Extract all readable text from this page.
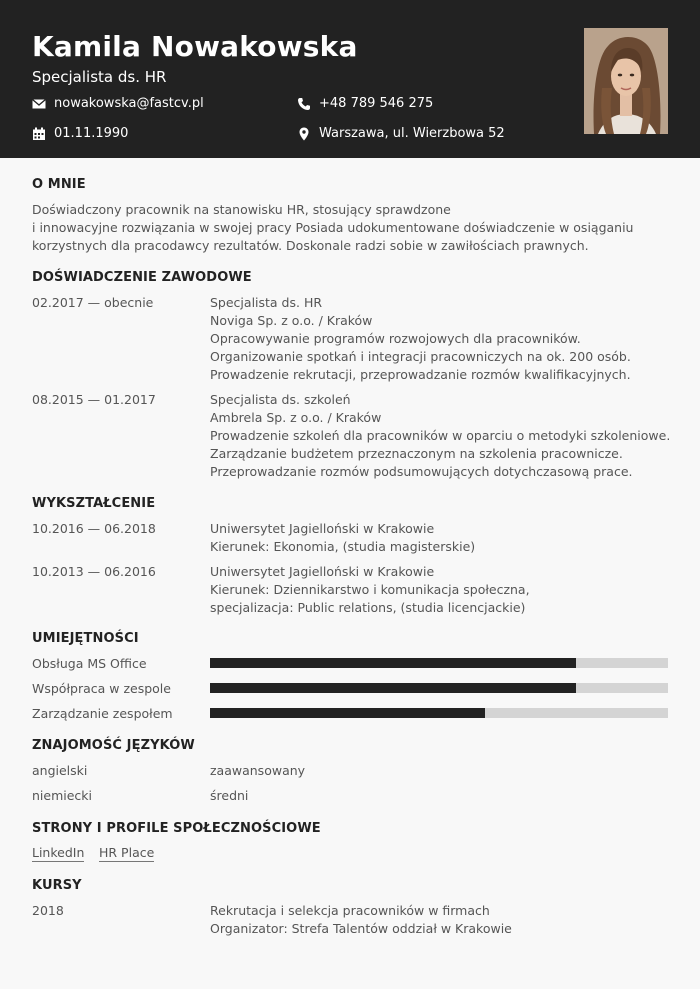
Kamila Nowakowska
Specjalista ds. HR
nowakowska@fastcv.pl	+48 789 546 275
01.11.1990	Warszawa, ul. Wierzbowa 52
O MNIE
Doświadczony pracownik na stanowisku HR, stosujący sprawdzone
i innowacyjne rozwiązania w swojej pracy Posiada udokumentowane doświadczenie w osiąganiu
korzystnych dla pracodawcy rezultatów. Doskonale radzi sobie w zawiłościach prawnych.
DOŚWIADCZENIE ZAWODOWE
02.2017 — obecnie	Specjalista ds. HR
Noviga Sp. z o.o. / Kraków
Opracowywanie programów rozwojowych dla pracowników.
Organizowanie spotkań i integracji pracowniczych na ok. 200 osób.
Prowadzenie rekrutacji, przeprowadzanie rozmów kwalifikacyjnych.
08.2015 — 01.2017	Specjalista ds. szkoleń
Ambrela Sp. z o.o. / Kraków
Prowadzenie szkoleń dla pracowników w oparciu o metodyki szkoleniowe.
Zarządzanie budżetem przeznaczonym na szkolenia pracownicze.
Przeprowadzanie rozmów podsumowujących dotychczasową prace.
WYKSZTAŁCENIE
10.2016 — 06.2018	Uniwersytet Jagielloński w Krakowie
Kierunek: Ekonomia, (studia magisterskie)
10.2013 — 06.2016	Uniwersytet Jagielloński w Krakowie
Kierunek: Dziennikarstwo i komunikacja społeczna,
specjalizacja: Public relations, (studia licencjackie)
UMIEJĘTNOŚCI
Obsługa MS Office
Współpraca w zespole
Zarządzanie zespołem
ZNAJOMOŚĆ JĘZYKÓW
angielski	zaawansowany
niemiecki	średni
STRONY I PROFILE SPOŁECZNOŚCIOWE
LinkedIn HR Place
KURSY
2018	Rekrutacja i selekcja pracowników w firmach
Organizator: Strefa Talentów oddział w Krakowie
